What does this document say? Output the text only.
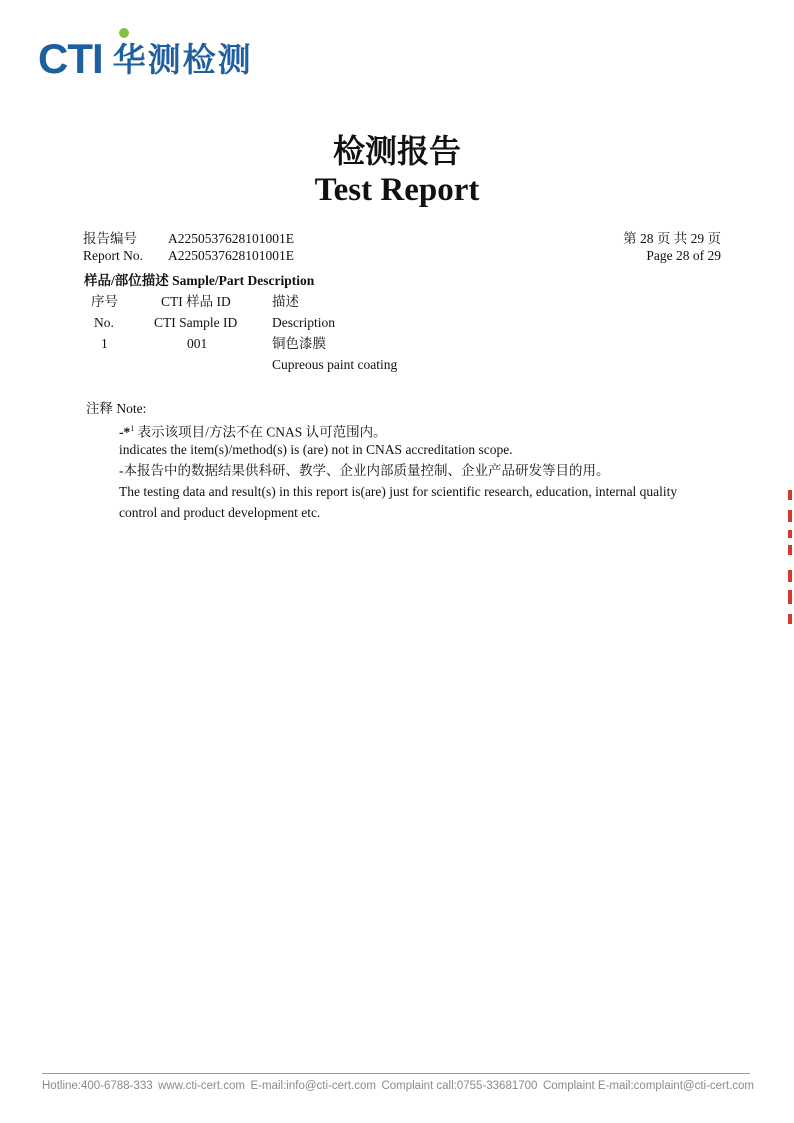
CTI 华测检测
检测报告
Test Report
报告编号
Report No.
A2250537628101001E
A2250537628101001E
第 28 页 共 29 页
Page 28 of 29
样品/部位描述 Sample/Part Description
序号
No.
CTI 样品 ID
CTI Sample ID
描述
Description
1	001	铜色漆膜
Cupreous paint coating
注释 Note:
-*$^1$ 表示该项目/方法不在 CNAS 认可范围内。
indicates the item(s)/method(s) is (are) not in CNAS accreditation scope.
-本报告中的数据结果供科研、教学、企业内部质量控制、企业产品研发等目的用。
The testing data and result(s) in this report is(are) just for scientific research, education, internal quality
control and product development etc.
Hotline:400-6788-333 www.cti-cert.com E-mail:info@cti-cert.com Complaint call:0755-33681700 Complaint E-mail:complaint@cti-cert.com
